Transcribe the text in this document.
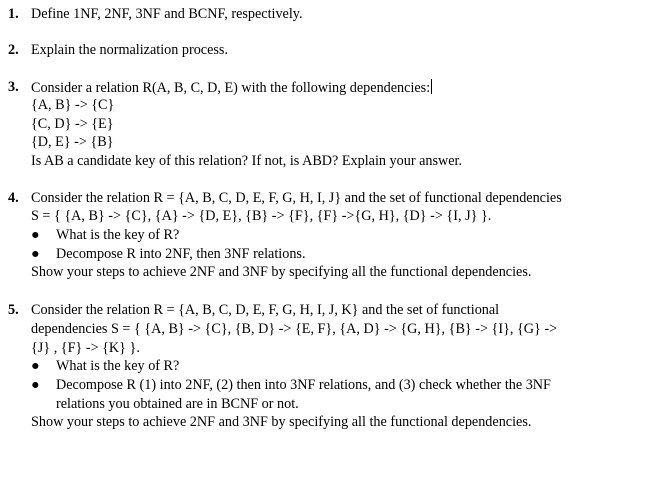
1. Define 1NF, 2NF, 3NF and BCNF, respectively.
2. Explain the normalization process.
3. Consider a relation R(A, B, C, D, E) with the following dependencies:
{A, B} -> {C}
{C, D} -> {E}
{D, E} -> {B}
Is AB a candidate key of this relation? If not, is ABD? Explain your answer.
4. Consider the relation R = {A, B, C, D, E, F, G, H, I, J} and the set of functional dependencies
S = { {A, B} -> {C}, {A} -> {D, E}, {B} -> {F}, {F} ->{G, H}, {D} -> {I, J} }.
● What is the key of R?
● Decompose R into 2NF, then 3NF relations.
Show your steps to achieve 2NF and 3NF by specifying all the functional dependencies.
5. Consider the relation R = {A, B, C, D, E, F, G, H, I, J, K} and the set of functional
dependencies S = { {A, B} -> {C}, {B, D} -> {E, F}, {A, D} -> {G, H}, {B} -> {I}, {G} ->
{J} , {F} -> {K} }.
● What is the key of R?
● Decompose R (1) into 2NF, (2) then into 3NF relations, and (3) check whether the 3NF
relations you obtained are in BCNF or not.
Show your steps to achieve 2NF and 3NF by specifying all the functional dependencies.
